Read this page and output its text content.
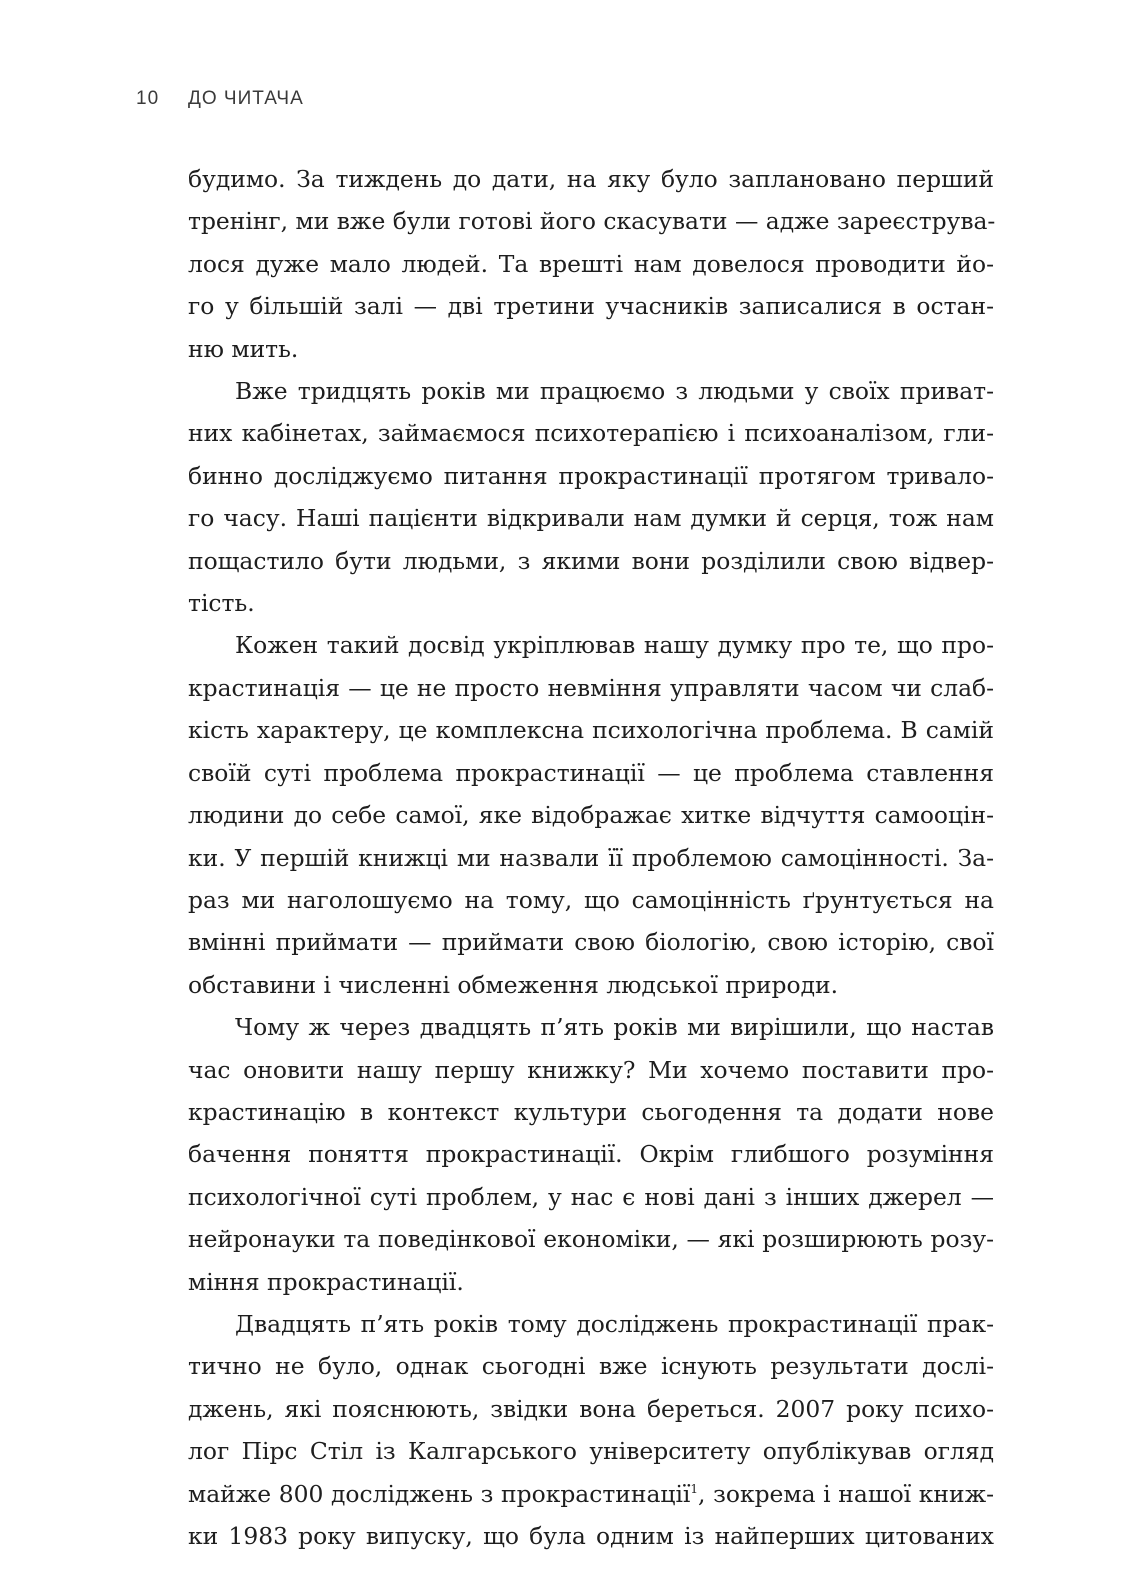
10 ДО ЧИТАЧА

будимо. За тиждень до дати, на яку було заплановано перший
тренінг, ми вже були готові його скасувати — адже зареєструва-
лося дуже мало людей. Та врешті нам довелося проводити йо-
го у більшій залі — дві третини учасників записалися в остан-
ню мить.

Вже тридцять років ми працюємо з людьми у своїх приват-
них кабінетах, займаємося психотерапією і психоаналізом, гли-
бинно досліджуємо питання прокрастинації протягом тривало-
го часу. Наші пацієнти відкривали нам думки й серця, тож нам
пощастило бути людьми, з якими вони розділили свою відвер-
тість.

Кожен такий досвід укріплював нашу думку про те, що про-
крастинація — це не просто невміння управляти часом чи слаб-
кість характеру, це комплексна психологічна проблема. В самій
своїй суті проблема прокрастинації — це проблема ставлення
людини до себе самої, яке відображає хитке відчуття самооцін-
ки. У першій книжці ми назвали її проблемою самоцінності. За-
раз ми наголошуємо на тому, що самоцінність ґрунтується на
вмінні приймати — приймати свою біологію, свою історію, свої
обставини і численні обмеження людської природи.

Чому ж через двадцять п’ять років ми вирішили, що настав
час оновити нашу першу книжку? Ми хочемо поставити про-
крастинацію в контекст культури сьогодення та додати нове
бачення поняття прокрастинації. Окрім глибшого розуміння
психологічної суті проблем, у нас є нові дані з інших джерел —
нейронауки та поведінкової економіки, — які розширюють розу-
міння прокрастинації.

Двадцять п’ять років тому досліджень прокрастинації прак-
тично не було, однак сьогодні вже існують результати дослі-
джень, які пояснюють, звідки вона береться. 2007 року психо-
лог Пірс Стіл із Калгарського університету опублікував огляд
майже 800 досліджень з прокрастинації$^1$, зокрема і нашої книж-
ки 1983 року випуску, що була одним із найперших цитованих
